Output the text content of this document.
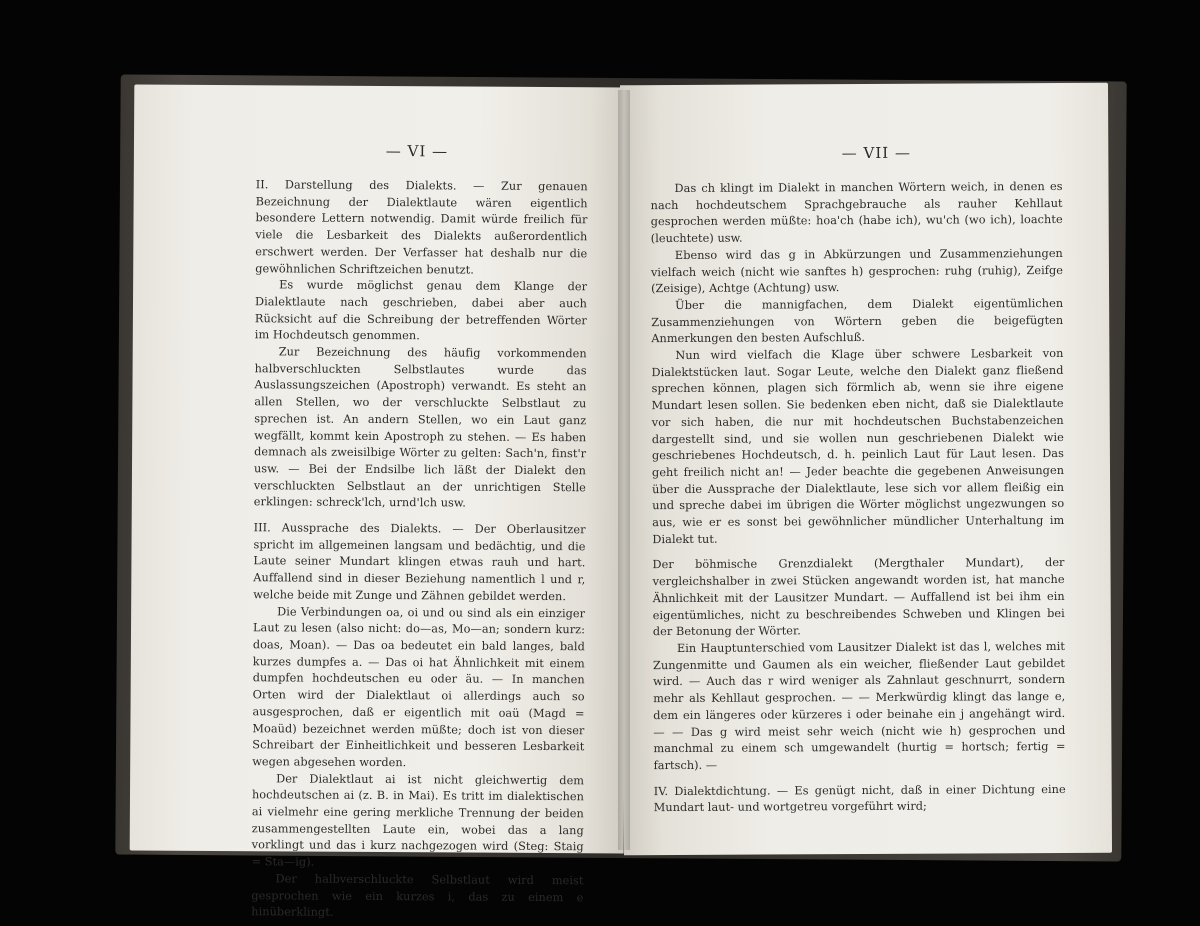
— VI —

II. Darstellung des Dialekts. — Zur genauen Bezeichnung der Dialektlaute wären eigentlich besondere Lettern notwendig. Damit würde freilich für viele die Lesbarkeit des Dialekts außerordentlich erschwert werden. Der Verfasser hat deshalb nur die gewöhnlichen Schriftzeichen benutzt.

Es wurde möglichst genau dem Klange der Dialektlaute nach geschrieben, dabei aber auch Rücksicht auf die Schreibung der betreffenden Wörter im Hochdeutsch genommen.

Zur Bezeichnung des häufig vorkommenden halbverschluckten Selbstlautes wurde das Auslassungszeichen (Apostroph) verwandt. Es steht an allen Stellen, wo der verschluckte Selbstlaut zu sprechen ist. An andern Stellen, wo ein Laut ganz wegfällt, kommt kein Apostroph zu stehen. — Es haben demnach als zweisilbige Wörter zu gelten: Sach'n, finst'r usw. — Bei der Endsilbe lich läßt der Dialekt den verschluckten Selbstlaut an der unrichtigen Stelle erklingen: schreck'lch, urnd'lch usw.

III. Aussprache des Dialekts. — Der Oberlausitzer spricht im allgemeinen langsam und bedächtig, und die Laute seiner Mundart klingen etwas rauh und hart. Auffallend sind in dieser Beziehung namentlich l und r, welche beide mit Zunge und Zähnen gebildet werden.

Die Verbindungen oa, oi und ou sind als ein einziger Laut zu lesen (also nicht: do—as, Mo—an; sondern kurz: doas, Moan). — Das oa bedeutet ein bald langes, bald kurzes dumpfes a. — Das oi hat Ähnlichkeit mit einem dumpfen hochdeutschen eu oder äu. — In manchen Orten wird der Dialektlaut oi allerdings auch so ausgesprochen, daß er eigentlich mit oaü (Magd = Moaüd) bezeichnet werden müßte; doch ist von dieser Schreibart der Einheitlichkeit und besseren Lesbarkeit wegen abgesehen worden.

Der Dialektlaut ai ist nicht gleichwertig dem hochdeutschen ai (z. B. in Mai). Es tritt im dialektischen ai vielmehr eine gering merkliche Trennung der beiden zusammengestellten Laute ein, wobei das a lang vorklingt und das i kurz nachgezogen wird (Steg: Staig = Sta—ig).

Der halbverschluckte Selbstlaut wird meist gesprochen wie ein kurzes i, das zu einem e hinüberklingt.

— VII —

Das ch klingt im Dialekt in manchen Wörtern weich, in denen es nach hochdeutschem Sprachgebrauche als rauher Kehllaut gesprochen werden müßte: hoa'ch (habe ich), wu'ch (wo ich), loachte (leuchtete) usw.

Ebenso wird das g in Abkürzungen und Zusammenziehungen vielfach weich (nicht wie sanftes h) gesprochen: ruhg (ruhig), Zeifge (Zeisige), Achtge (Achtung) usw.

Über die mannigfachen, dem Dialekt eigentümlichen Zusammenziehungen von Wörtern geben die beigefügten Anmerkungen den besten Aufschluß.

Nun wird vielfach die Klage über schwere Lesbarkeit von Dialektstücken laut. Sogar Leute, welche den Dialekt ganz fließend sprechen können, plagen sich förmlich ab, wenn sie ihre eigene Mundart lesen sollen. Sie bedenken eben nicht, daß sie Dialektlaute vor sich haben, die nur mit hochdeutschen Buchstabenzeichen dargestellt sind, und sie wollen nun geschriebenen Dialekt wie geschriebenes Hochdeutsch, d. h. peinlich Laut für Laut lesen. Das geht freilich nicht an! — Jeder beachte die gegebenen Anweisungen über die Aussprache der Dialektlaute, lese sich vor allem fleißig ein und spreche dabei im übrigen die Wörter möglichst ungezwungen so aus, wie er es sonst bei gewöhnlicher mündlicher Unterhaltung im Dialekt tut.

Der böhmische Grenzdialekt (Mergthaler Mundart), der vergleichshalber in zwei Stücken angewandt worden ist, hat manche Ähnlichkeit mit der Lausitzer Mundart. — Auffallend ist bei ihm ein eigentümliches, nicht zu beschreibendes Schweben und Klingen bei der Betonung der Wörter.

Ein Hauptunterschied vom Lausitzer Dialekt ist das l, welches mit Zungenmitte und Gaumen als ein weicher, fließender Laut gebildet wird. — Auch das r wird weniger als Zahnlaut geschnurrt, sondern mehr als Kehllaut gesprochen. — — Merkwürdig klingt das lange e, dem ein längeres oder kürzeres i oder beinahe ein j angehängt wird. — — Das g wird meist sehr weich (nicht wie h) gesprochen und manchmal zu einem sch umgewandelt (hurtig = hortsch; fertig = fartsch). —

IV. Dialektdichtung. — Es genügt nicht, daß in einer Dichtung eine Mundart laut- und wortgetreu vorgeführt wird;
